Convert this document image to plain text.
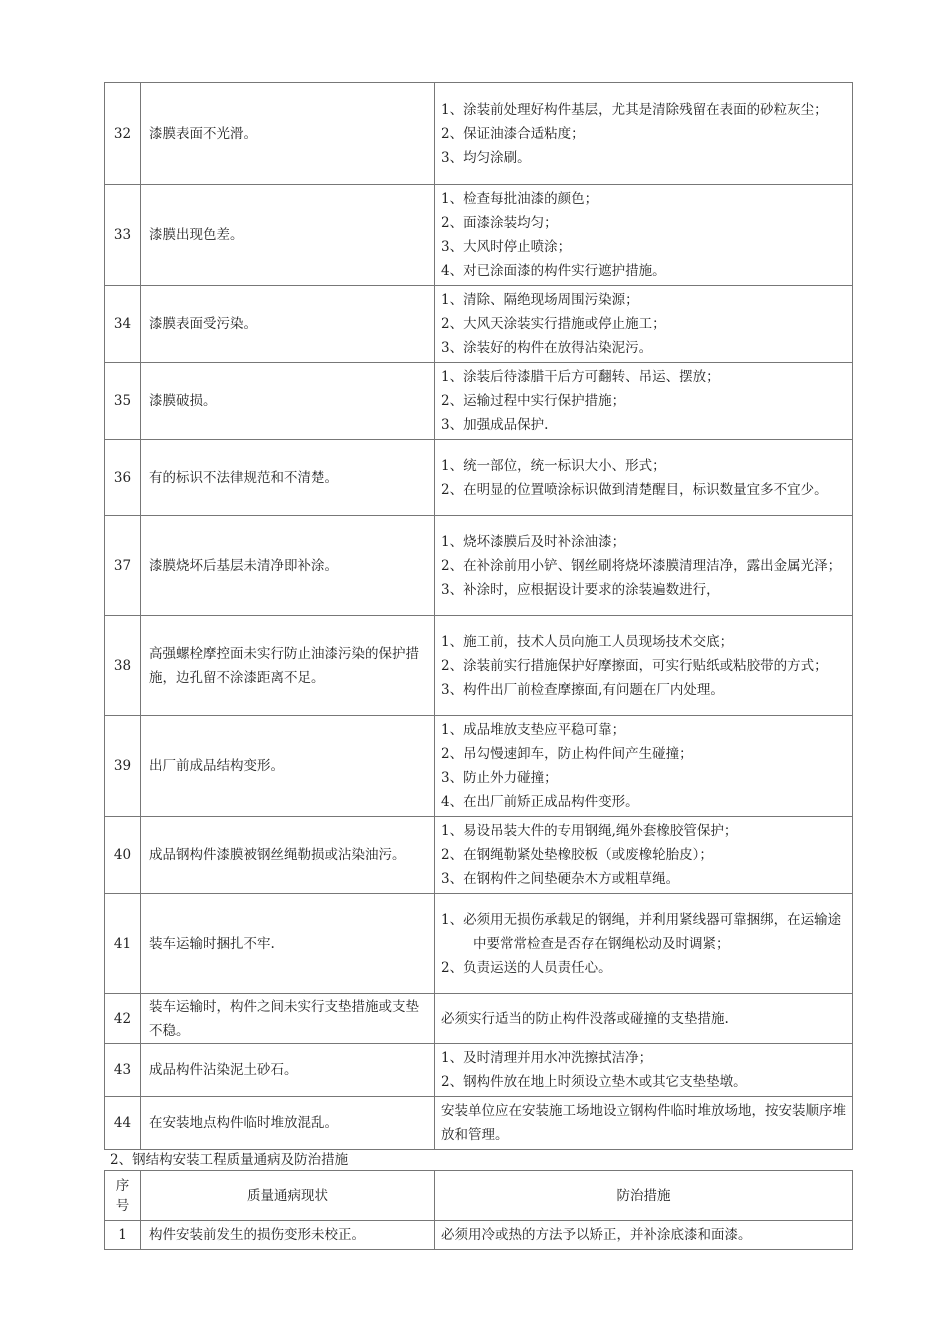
32	漆膜表面不光滑。	1、涂装前处理好构件基层，尤其是清除残留在表面的砂粒灰尘；
2、保证油漆合适粘度；
3、均匀涂刷。

33	漆膜出现色差。	1、检查每批油漆的颜色；
2、面漆涂装均匀；
3、大风时停止喷涂；
4、对已涂面漆的构件实行遮护措施。

34	漆膜表面受污染。	1、清除、隔绝现场周围污染源；
2、大风天涂装实行措施或停止施工；
3、涂装好的构件在放得沾染泥污。

35	漆膜破损。	1、涂装后待漆腊干后方可翻转、吊运、摆放；
2、运输过程中实行保护措施；
3、加强成品保护.

36	有的标识不法律规范和不清楚。	1、统一部位，统一标识大小、形式；
2、在明显的位置喷涂标识做到清楚醒目，标识数量宜多不宜少。

37	漆膜烧坏后基层未清净即补涂。	1、烧坏漆膜后及时补涂油漆；
2、在补涂前用小铲、钢丝刷将烧坏漆膜清理洁净，露出金属光泽；
3、补涂时，应根据设计要求的涂装遍数进行，

38	高强螺栓摩控面未实行防止油漆污染的保护措施，边孔留不涂漆距离不足。	1、施工前，技术人员向施工人员现场技术交底；
2、涂装前实行措施保护好摩擦面，可实行贴纸或粘胶带的方式；
3、构件出厂前检查摩擦面,有问题在厂内处理。

39	出厂前成品结构变形。	1、成品堆放支垫应平稳可靠；
2、吊勾慢速卸车，防止构件间产生碰撞；
3、防止外力碰撞；
4、在出厂前矫正成品构件变形。

40	成品钢构件漆膜被钢丝绳勒损或沾染油污。	1、易设吊装大件的专用钢绳,绳外套橡胶管保护；
2、在钢绳勒紧处垫橡胶板（或废橡轮胎皮）；
3、在钢构件之间垫硬杂木方或粗草绳。

41	装车运输时捆扎不牢.	1、必须用无损伤承载足的钢绳，并利用紧线器可靠捆绑，在运输途中要常常检查是否存在钢绳松动及时调紧；
2、负责运送的人员责任心。

42	装车运输时，构件之间未实行支垫措施或支垫不稳。	必须实行适当的防止构件没落或碰撞的支垫措施.

43	成品构件沾染泥土砂石。	1、及时清理并用水冲洗擦拭洁净；
2、钢构件放在地上时须设立垫木或其它支垫垫墩。

44	在安装地点构件临时堆放混乱。	安装单位应在安装施工场地设立钢构件临时堆放场地，按安装顺序堆放和管理。
2、钢结构安装工程质量通病及防治措施
序号	质量通病现状	防治措施
1	构件安装前发生的损伤变形未校正。	必须用冷或热的方法予以矫正，并补涂底漆和面漆。
